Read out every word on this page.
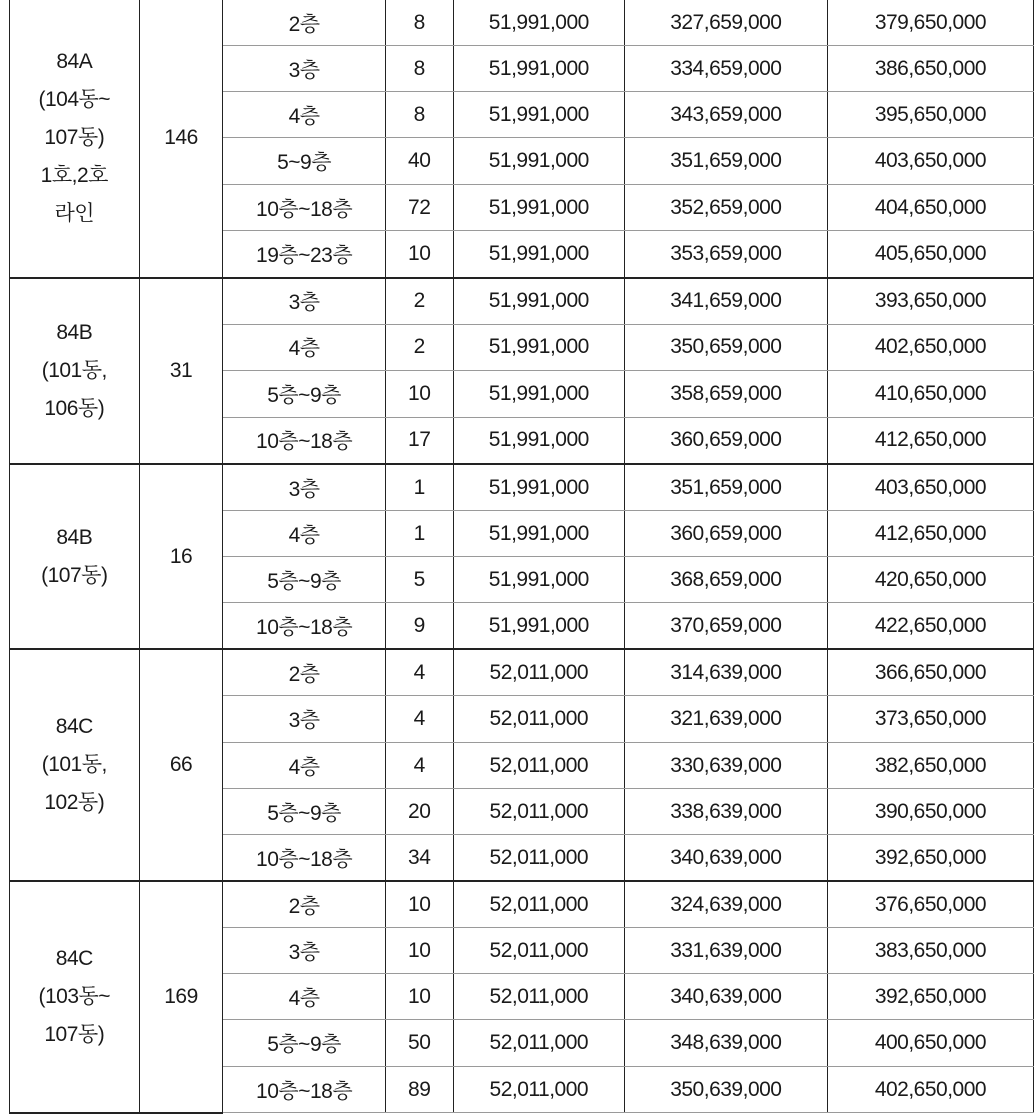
84A
(104동~
107동)
1호,2호
라인	146	2층	8	51,991,000	327,659,000	379,650,000
		3층	8	51,991,000	334,659,000	386,650,000
		4층	8	51,991,000	343,659,000	395,650,000
		5~9층	40	51,991,000	351,659,000	403,650,000
		10층~18층	72	51,991,000	352,659,000	404,650,000
		19층~23층	10	51,991,000	353,659,000	405,650,000

84B
(101동,
106동)	31	3층	2	51,991,000	341,659,000	393,650,000
		4층	2	51,991,000	350,659,000	402,650,000
		5층~9층	10	51,991,000	358,659,000	410,650,000
		10층~18층	17	51,991,000	360,659,000	412,650,000

84B
(107동)	16	3층	1	51,991,000	351,659,000	403,650,000
		4층	1	51,991,000	360,659,000	412,650,000
		5층~9층	5	51,991,000	368,659,000	420,650,000
		10층~18층	9	51,991,000	370,659,000	422,650,000

84C
(101동,
102동)	66	2층	4	52,011,000	314,639,000	366,650,000
		3층	4	52,011,000	321,639,000	373,650,000
		4층	4	52,011,000	330,639,000	382,650,000
		5층~9층	20	52,011,000	338,639,000	390,650,000
		10층~18층	34	52,011,000	340,639,000	392,650,000

84C
(103동~
107동)	169	2층	10	52,011,000	324,639,000	376,650,000
		3층	10	52,011,000	331,639,000	383,650,000
		4층	10	52,011,000	340,639,000	392,650,000
		5층~9층	50	52,011,000	348,639,000	400,650,000
		10층~18층	89	52,011,000	350,639,000	402,650,000
